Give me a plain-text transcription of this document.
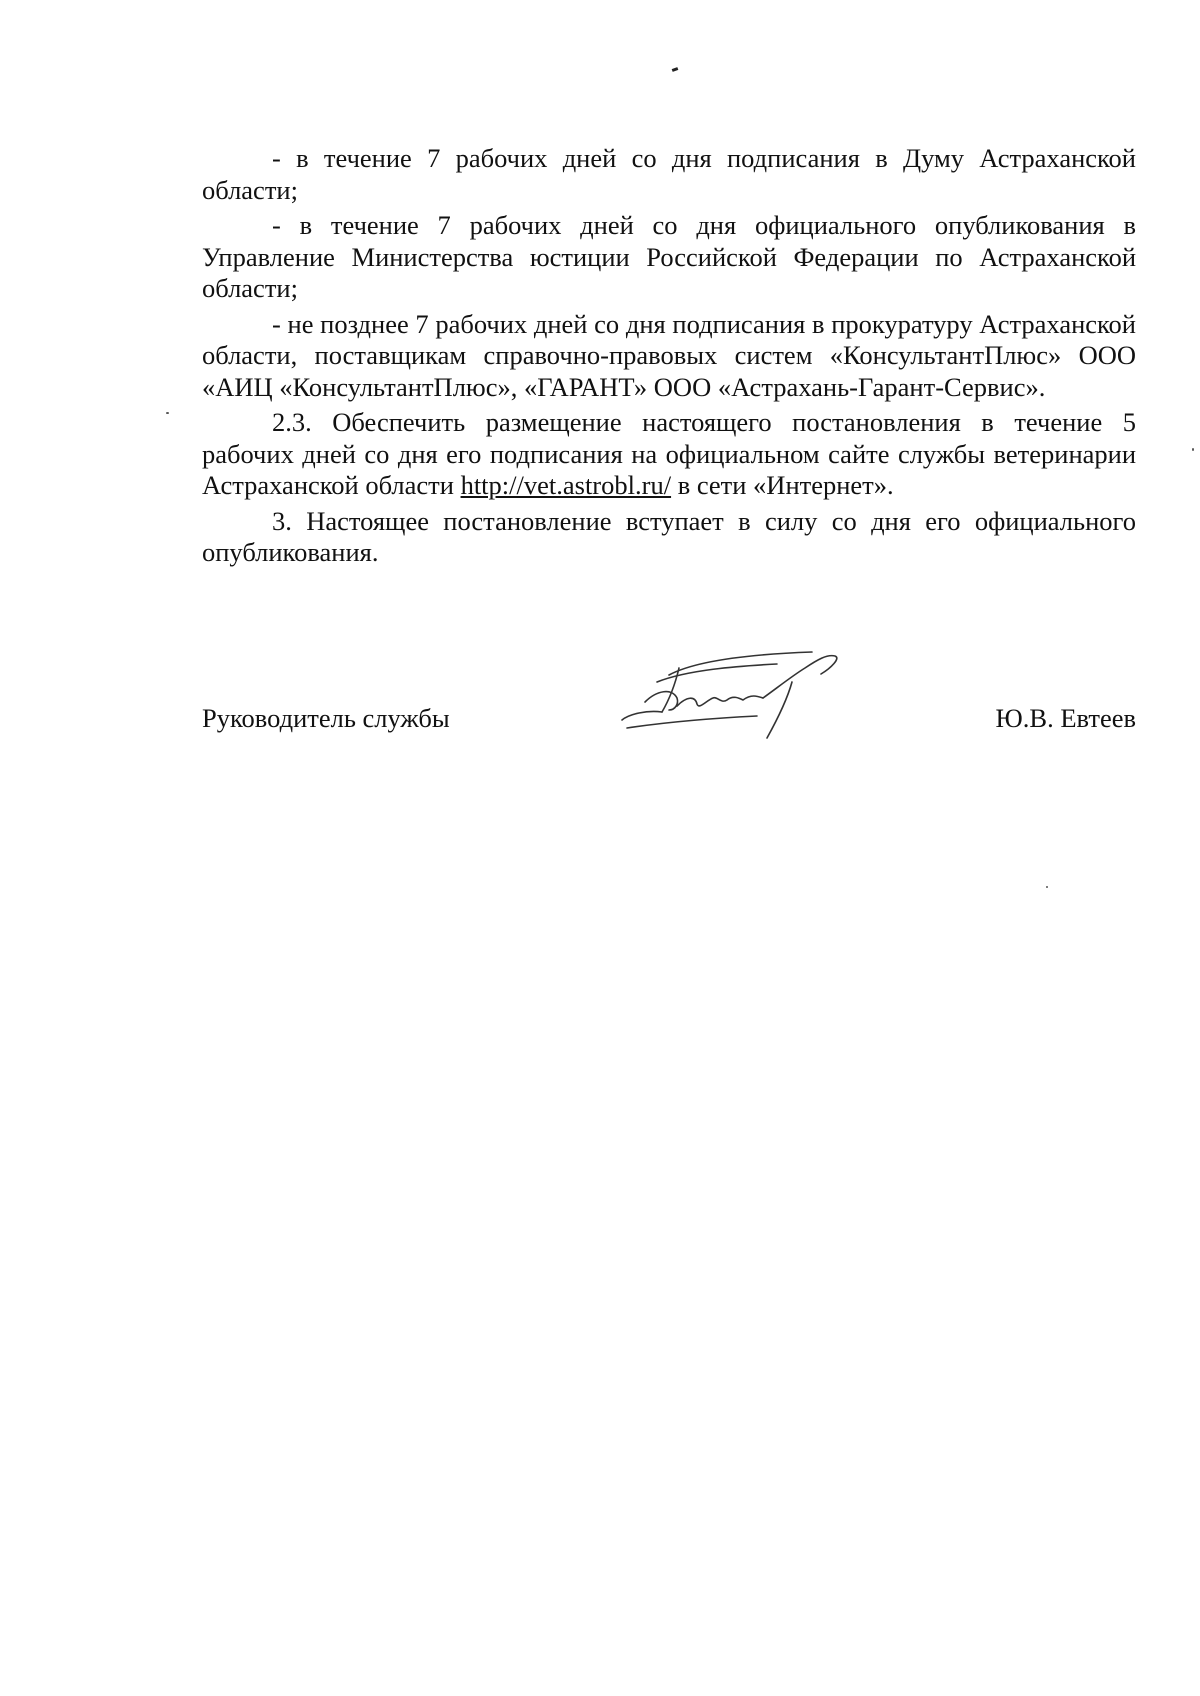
- в течение 7 рабочих дней со дня подписания в Думу Астраханской области;

- в течение 7 рабочих дней со дня официального опубликования в Управление Министерства юстиции Российской Федерации по Астраханской области;

- не позднее 7 рабочих дней со дня подписания в прокуратуру Астраханской области, поставщикам справочно-правовых систем «КонсультантПлюс» ООО «АИЦ «КонсультантПлюс», «ГАРАНТ» ООО «Астрахань-Гарант-Сервис».

2.3. Обеспечить размещение настоящего постановления в течение 5 рабочих дней со дня его подписания на официальном сайте службы ветеринарии Астраханской области http://vet.astrobl.ru/ в сети «Интернет».

3. Настоящее постановление вступает в силу со дня его официального опубликования.

Руководитель службы	Ю.В. Евтеев
